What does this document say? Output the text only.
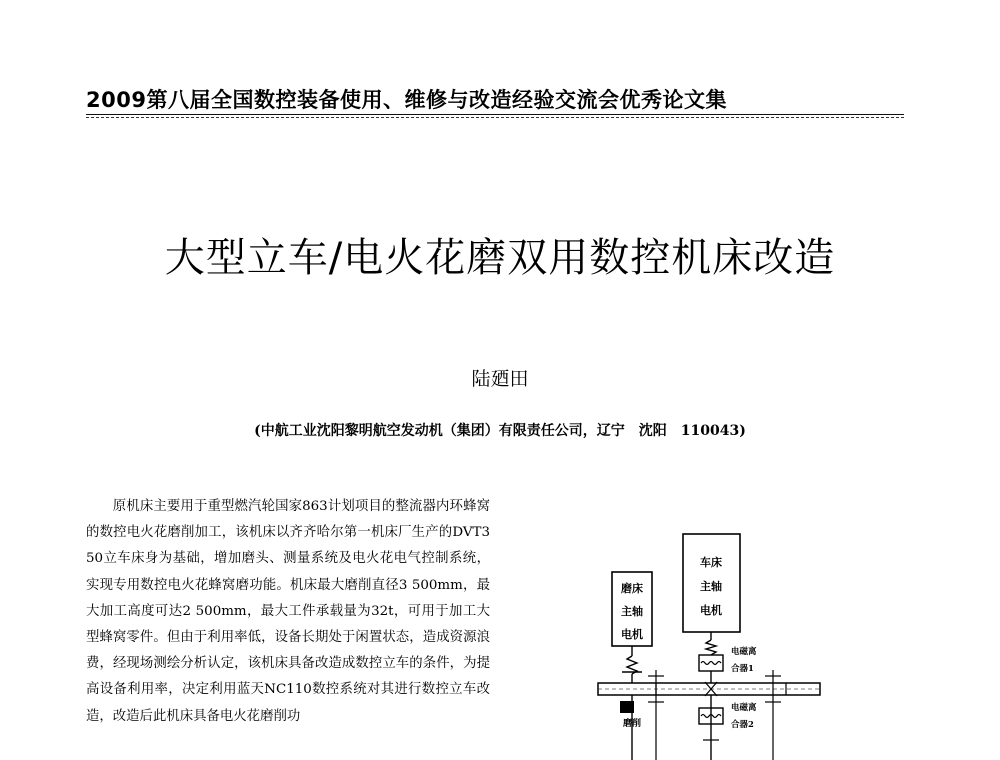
2009第八届全国数控装备使用、维修与改造经验交流会优秀论文集
大型立车/电火花磨双用数控机床改造
陆廼田
(中航工业沈阳黎明航空发动机（集团）有限责任公司，辽宁　沈阳　110043)

原机床主要用于重型燃汽轮国家863计划项目的整流器内环蜂窝的数控电火花磨削加工，该机床以齐齐哈尔第一机床厂生产的DVT350立车床身为基础，增加磨头、测量系统及电火花电气控制系统，实现专用数控电火花蜂窝磨功能。机床最大磨削直径3 500mm，最大加工高度可达2 500mm，最大工件承载量为32t，可用于加工大型蜂窝零件。但由于利用率低，设备长期处于闲置状态，造成资源浪费，经现场测绘分析认定，该机床具备改造成数控立车的条件，为提高设备利用率，决定利用蓝天NC110数控系统对其进行数控立车改造，改造后此机床具备电火花磨削功

磨床
主轴
电机
车床
主轴
电机
电磁离
合器1
磨削
电磁离
合器2
